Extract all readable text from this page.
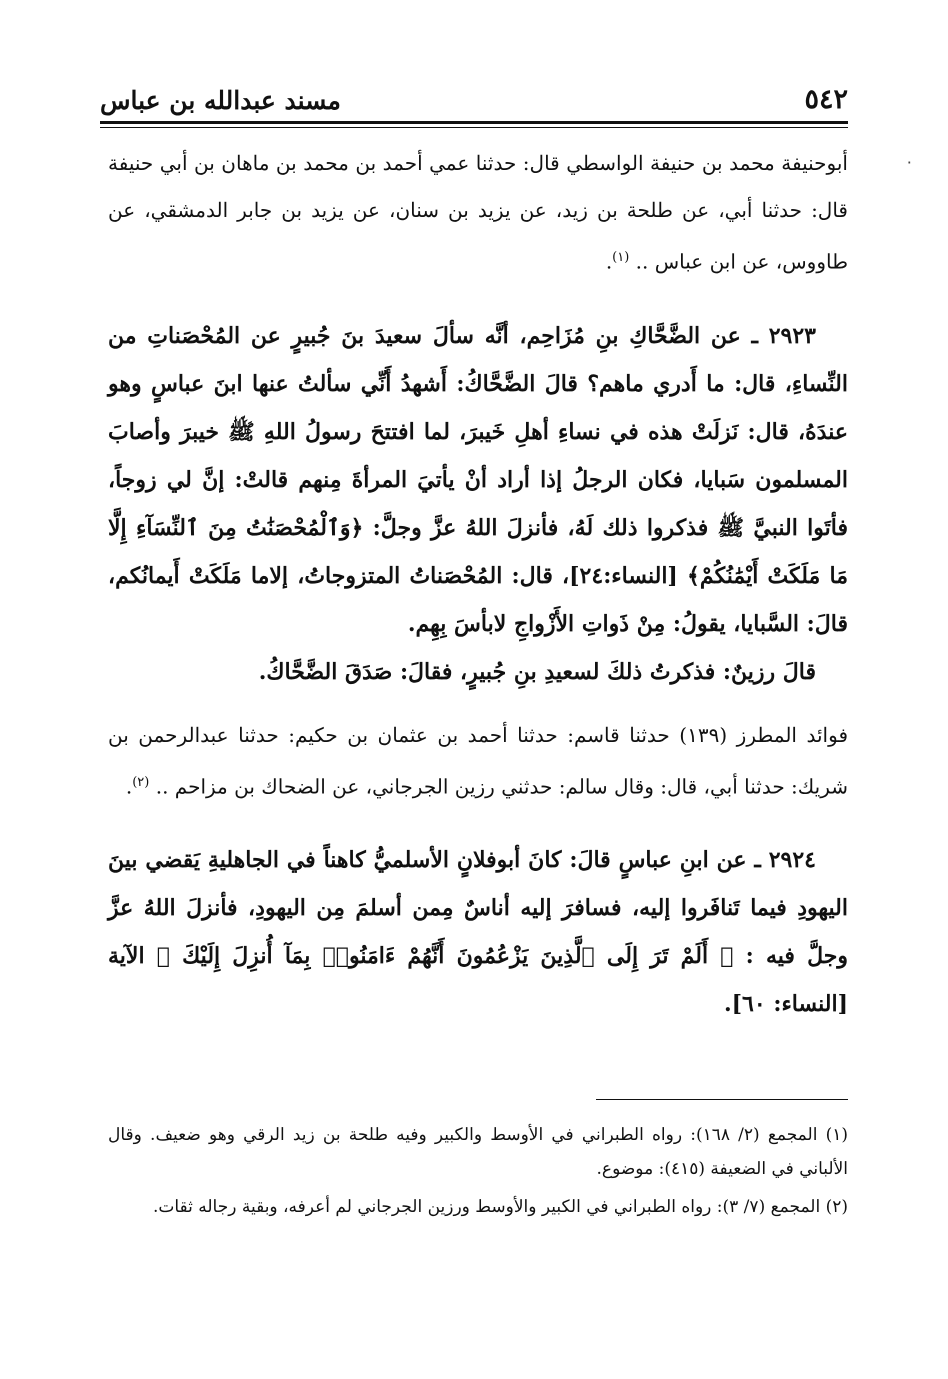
٥٤٢
مسند عبدالله بن عباس
٠

أبوحنيفة محمد بن حنيفة الواسطي قال: حدثنا عمي أحمد بن محمد بن ماهان بن أبي حنيفة قال: حدثنا أبي، عن طلحة بن زيد، عن يزيد بن سنان، عن يزيد بن جابر الدمشقي، عن طاووس، عن ابن عباس .. $^{(١)}$.

٢٩٢٣ ـ عن الضَّحَّاكِ بنِ مُزَاحِم، أنَّه سألَ سعيدَ بنَ جُبيرٍ عن المُحْصَناتِ من النِّساءِ، قال: ما أَدري ماهم؟ قالَ الضَّحَّاكُ: أَشهدُ أَنِّي سألتُ عنها ابنَ عباسٍ وهو عندَهُ، قال: نَزلَتْ هذه في نساءِ أهلِ خَيبرَ، لما افتتحَ رسولُ اللهِ ﷺ خيبرَ وأصابَ المسلمون سَبايا، فكان الرجلُ إذا أراد أنْ يأتيَ المرأةَ مِنهم قالتْ: إنَّ لي زوجاً، فأتَوا النبيَّ ﷺ فذكروا ذلك لَهُ، فأنزلَ اللهُ عزَّ وجلَّ: ﴿وَٱلْمُحْصَنَٰتُ مِنَ ٱلنِّسَآءِ إِلَّا مَا مَلَكَتْ أَيْمَٰنُكُمْ﴾ [النساء:٢٤]، قال: المُحْصَناتُ المتزوجاتُ، إلاما مَلَكَتْ أَيمانُكم، قالَ: السَّبايا، يقولُ: مِنْ ذَواتِ الأَزْواجِ لابأسَ بِهِم.

قالَ رزينٌ: فذكرتُ ذلكَ لسعيدِ بنِ جُبيرٍ، فقالَ: صَدَقَ الضَّحَّاكُ.

فوائد المطرز (١٣٩) حدثنا قاسم: حدثنا أحمد بن عثمان بن حكيم: حدثنا عبدالرحمن بن شريك: حدثنا أبي، قال: وقال سالم: حدثني رزين الجرجاني، عن الضحاك بن مزاحم .. $^{(٢)}$.

٢٩٢٤ ـ عن ابنِ عباسٍ قالَ: كانَ أبوفلانٍ الأسلميُّ كاهناً في الجاهليةِ يَقضي بينَ اليهودِ فيما تَنافَروا إليه، فسافرَ إليه أناسٌ مِمن أسلمَ مِن اليهودِ، فأنزلَ اللهُ عزَّ وجلَّ فيه : ﴿ أَلَمْ تَرَ إِلَى ٱلَّذِينَ يَزْعُمُونَ أَنَّهُمْ ءَامَنُوا۟ بِمَآ أُنزِلَ إِلَيْكَ ﴾ الآية [النساء: ٦٠].

(١) المجمع (٢/ ١٦٨): رواه الطبراني في الأوسط والكبير وفيه طلحة بن زيد الرقي وهو ضعيف. وقال الألباني في الضعيفة (٤١٥): موضوع.

(٢) المجمع (٧/ ٣): رواه الطبراني في الكبير والأوسط ورزين الجرجاني لم أعرفه، وبقية رجاله ثقات.
